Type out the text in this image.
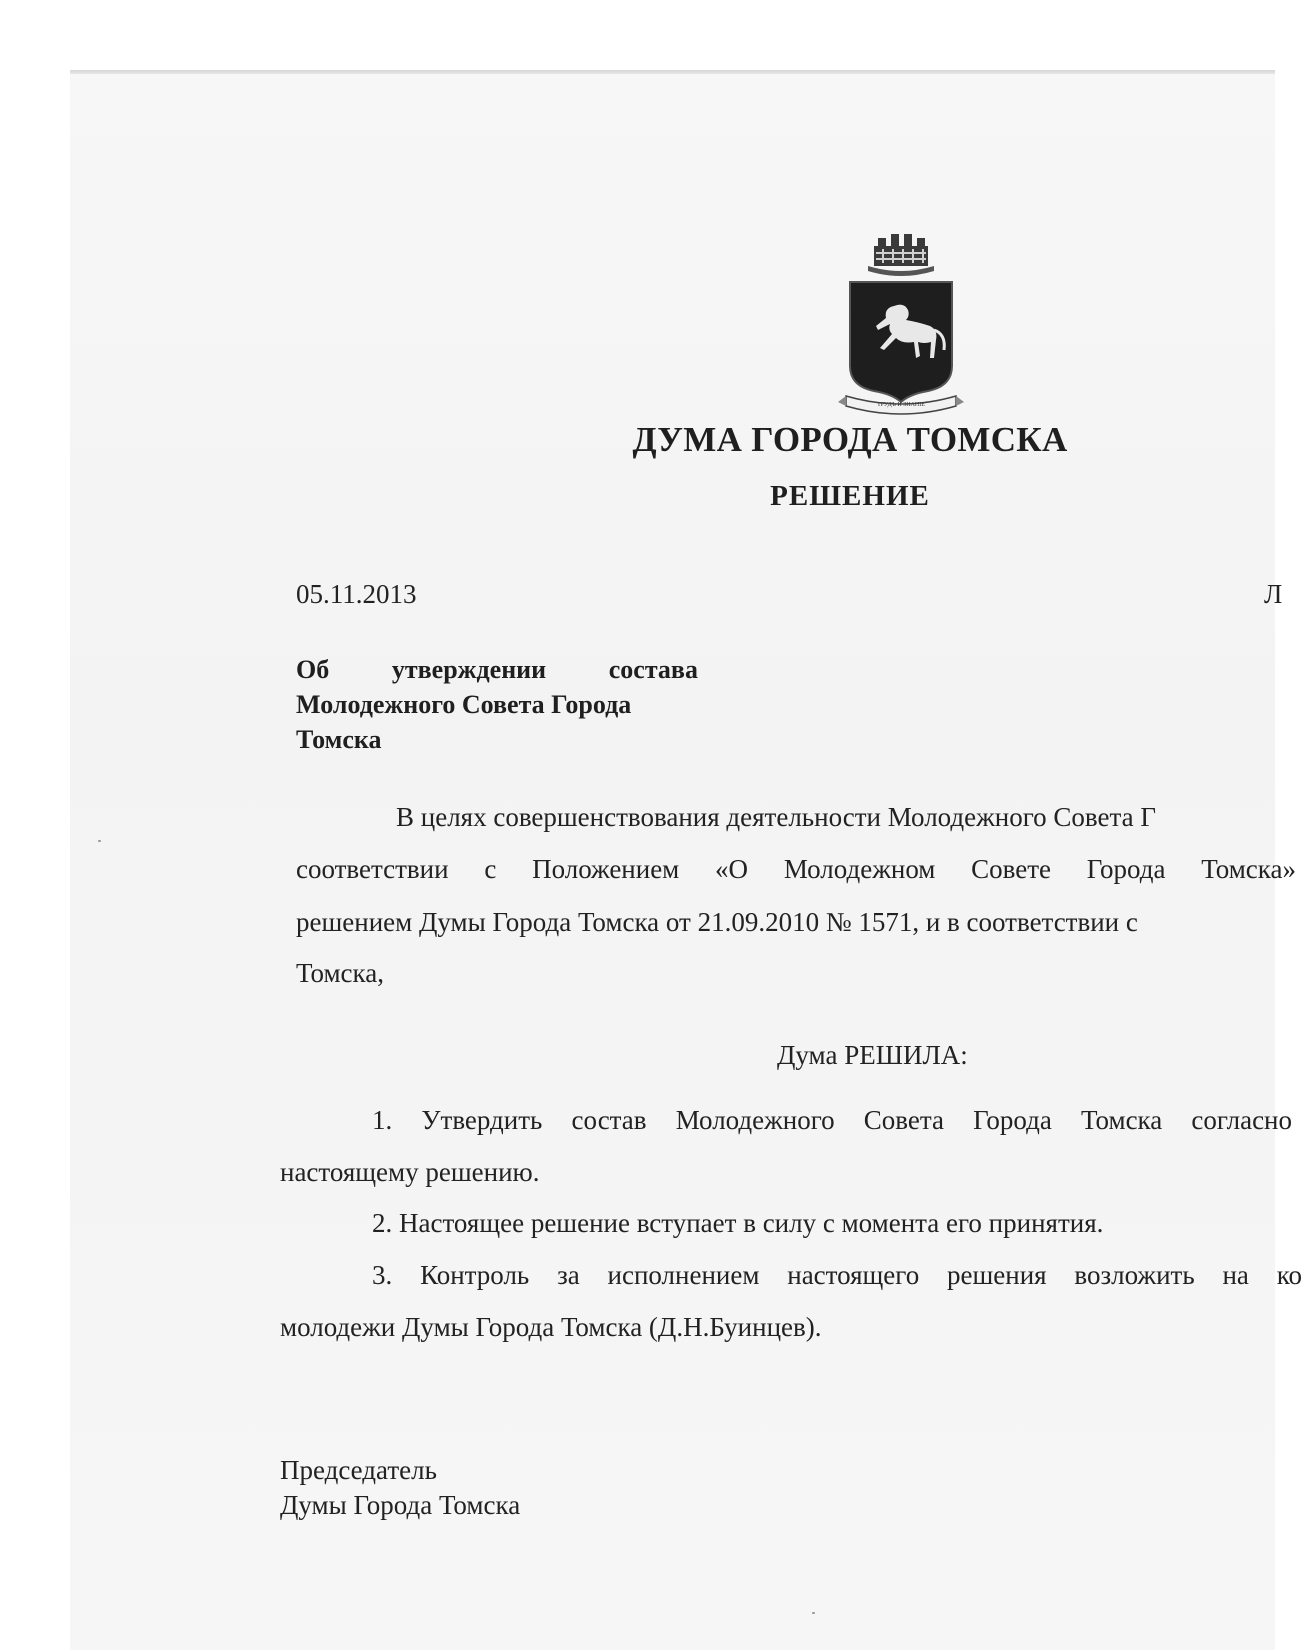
ТРУДЪ И ЗНАНІЕ
ДУМА ГОРОДА ТОМСКА
РЕШЕНИЕ
05.11.2013	Л
Об утверждении состава
Молодежного Совета Города
Томска
В целях совершенствования деятельности Молодежного Совета Г
соответствии с Положением «О Молодежном Совете Города Томска»
решением Думы Города Томска от 21.09.2010 № 1571, и в соответствии с
Томска,
Дума РЕШИЛА:
1. Утвердить состав Молодежного Совета Города Томска согласно
настоящему решению.
2. Настоящее решение вступает в силу с момента его принятия.
3. Контроль за исполнением настоящего решения возложить на ко
молодежи Думы Города Томска (Д.Н.Буинцев).
Председатель
Думы Города Томска
